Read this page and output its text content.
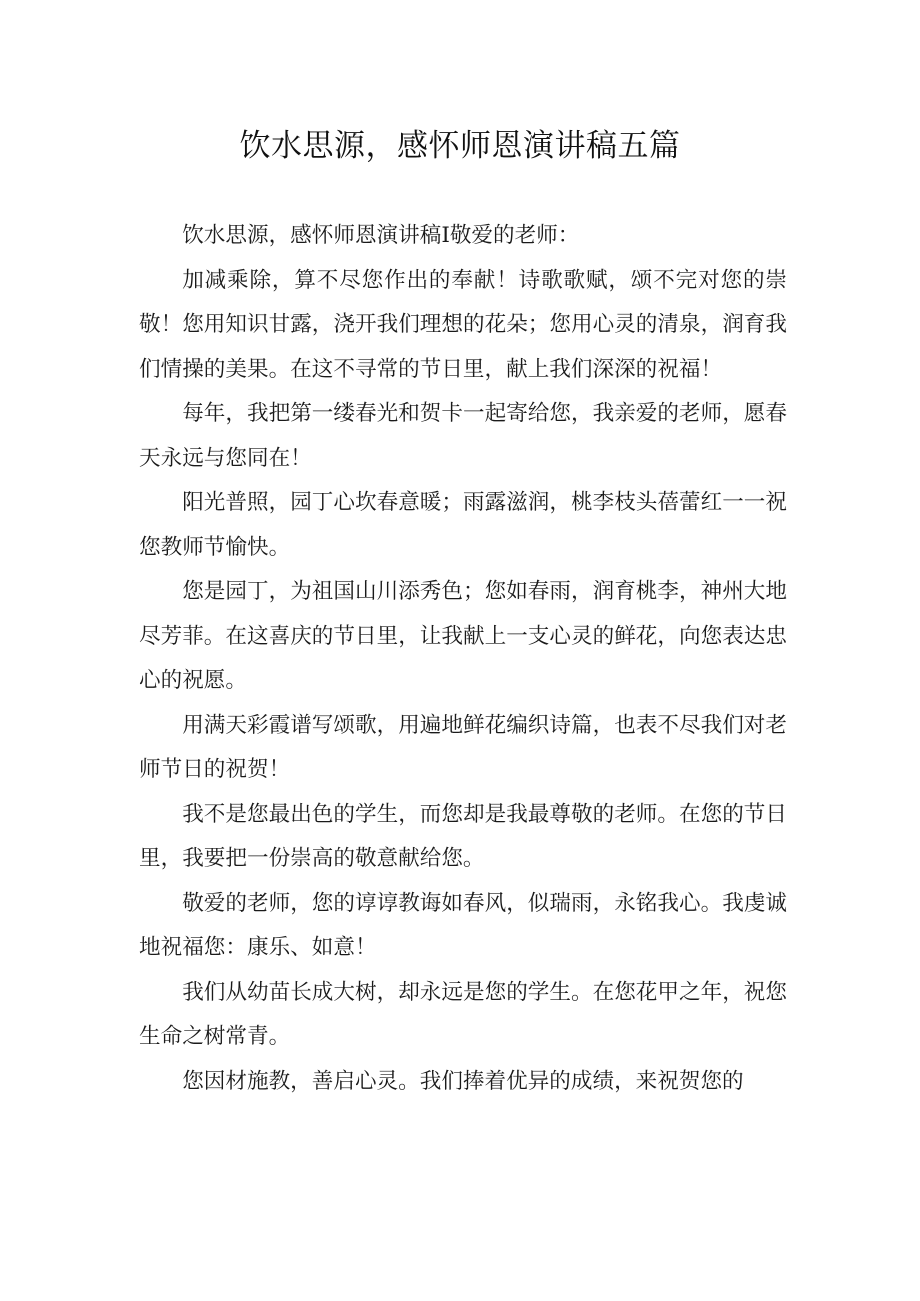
饮水思源，感怀师恩演讲稿五篇

饮水思源，感怀师恩演讲稿Ⅰ敬爱的老师：

加减乘除，算不尽您作出的奉献！诗歌歌赋，颂不完对您的崇敬！您用知识甘露，浇开我们理想的花朵；您用心灵的清泉，润育我们情操的美果。在这不寻常的节日里，献上我们深深的祝福！

每年，我把第一缕春光和贺卡一起寄给您，我亲爱的老师，愿春天永远与您同在！

阳光普照，园丁心坎春意暖；雨露滋润，桃李枝头蓓蕾红一一祝您教师节愉快。

您是园丁，为祖国山川添秀色；您如春雨，润育桃李，神州大地尽芳菲。在这喜庆的节日里，让我献上一支心灵的鲜花，向您表达忠心的祝愿。

用满天彩霞谱写颂歌，用遍地鲜花编织诗篇，也表不尽我们对老师节日的祝贺！

我不是您最出色的学生，而您却是我最尊敬的老师。在您的节日里，我要把一份崇高的敬意献给您。

敬爱的老师，您的谆谆教诲如春风，似瑞雨，永铭我心。我虔诚地祝福您：康乐、如意！

我们从幼苗长成大树，却永远是您的学生。在您花甲之年，祝您生命之树常青。

您因材施教，善启心灵。我们捧着优异的成绩，来祝贺您的
